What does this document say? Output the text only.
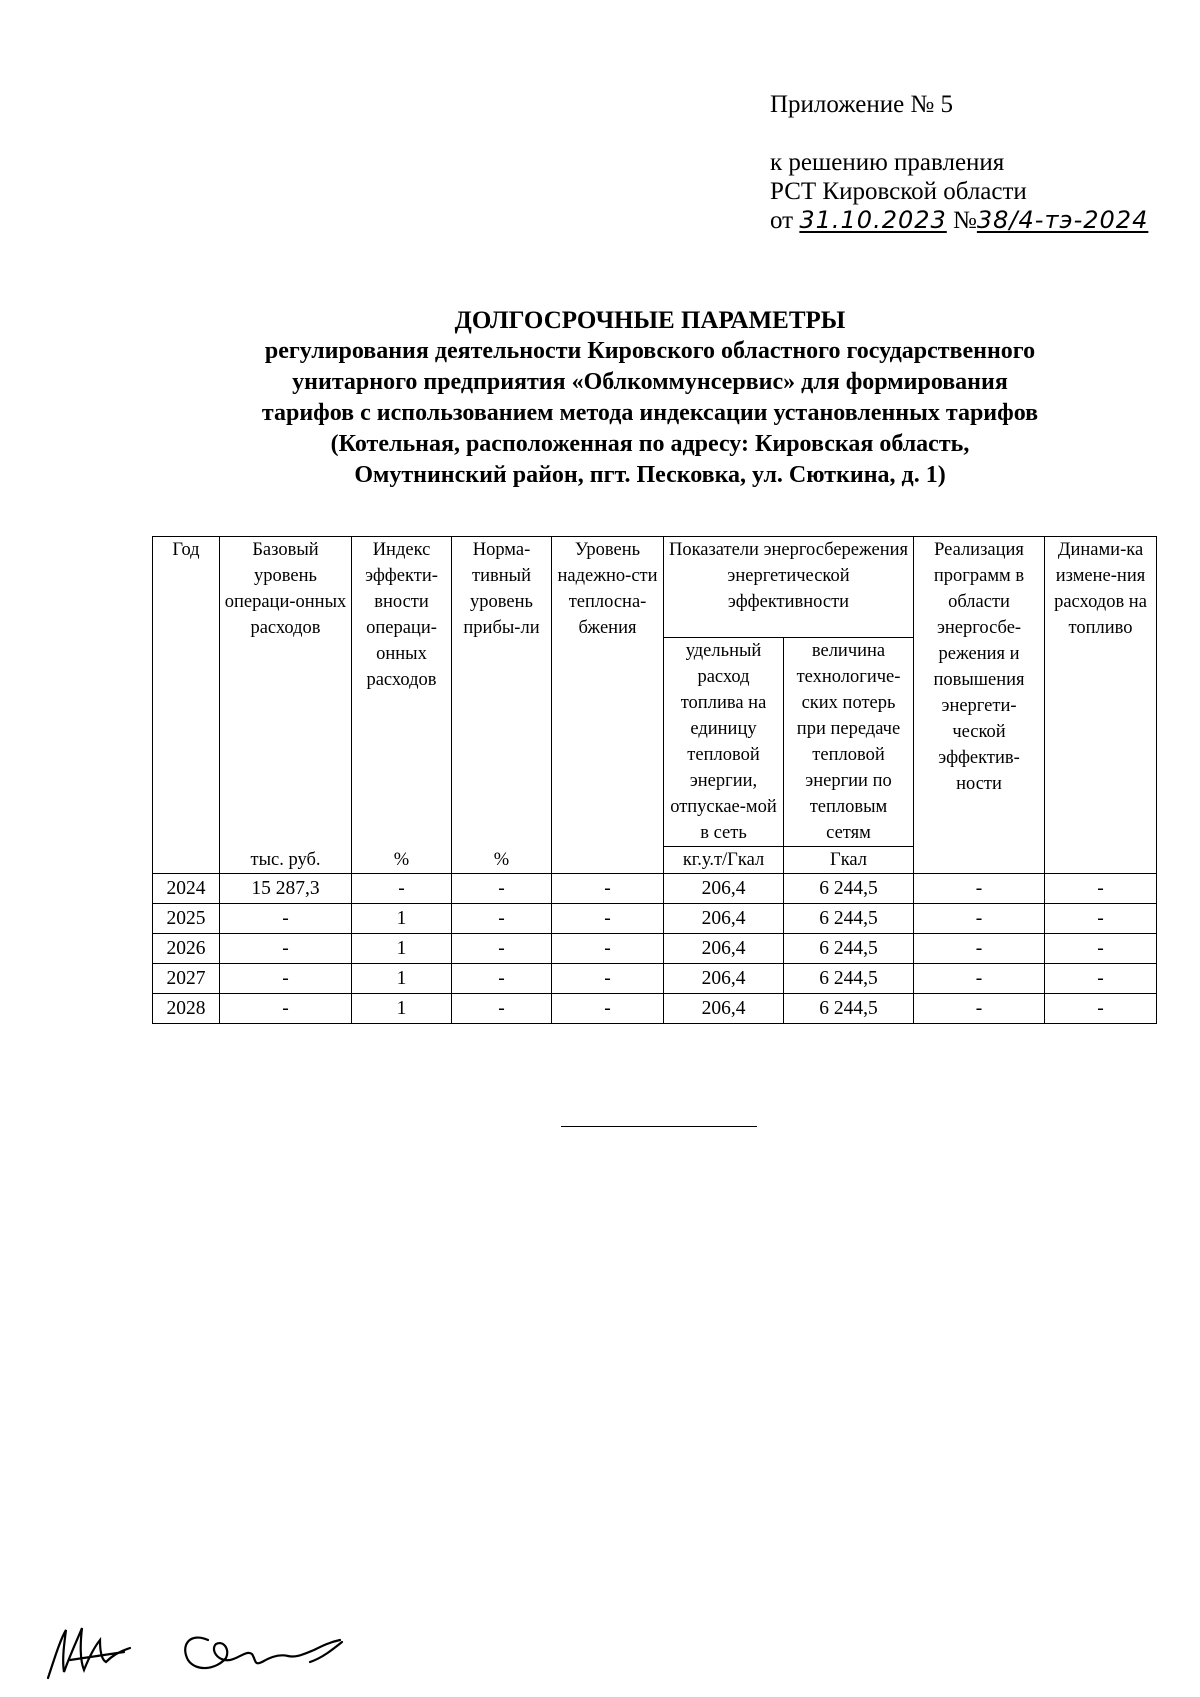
Приложение № 5
к решению правления
РСТ Кировской области
от 31.10.2023 №38/4-тэ-2024
ДОЛГОСРОЧНЫЕ ПАРАМЕТРЫ
регулирования деятельности Кировского областного государственного
унитарного предприятия «Облкоммунсервис» для формирования
тарифов с использованием метода индексации установленных тарифов
(Котельная, расположенная по адресу: Кировская область,
Омутнинский район, пгт. Песковка, ул. Сюткина, д. 1)
Год	Базовый уровень операци-онных расходов	Индекс эффекти-вности операци-онных расходов	Норма-тивный уровень прибы-ли	Уровень надежно-сти теплосна-бжения	Показатели энергосбережения энергетической эффективности		Реализация программ в области энергосбе-режения и повышения энергети-ческой эффектив-ности	Динами-ка измене-ния расходов на топливо
					удельный расход топлива на единицу тепловой энергии, отпускае-мой в сеть	величина технологиче-ских потерь при передаче тепловой энергии по тепловым сетям		
	тыс. руб.	%	%		кг.у.т/Гкал	Гкал		
2024	15 287,3	-	-	-	206,4	6 244,5	-	-
2025	-	1	-	-	206,4	6 244,5	-	-
2026	-	1	-	-	206,4	6 244,5	-	-
2027	-	1	-	-	206,4	6 244,5	-	-
2028	-	1	-	-	206,4	6 244,5	-	-
